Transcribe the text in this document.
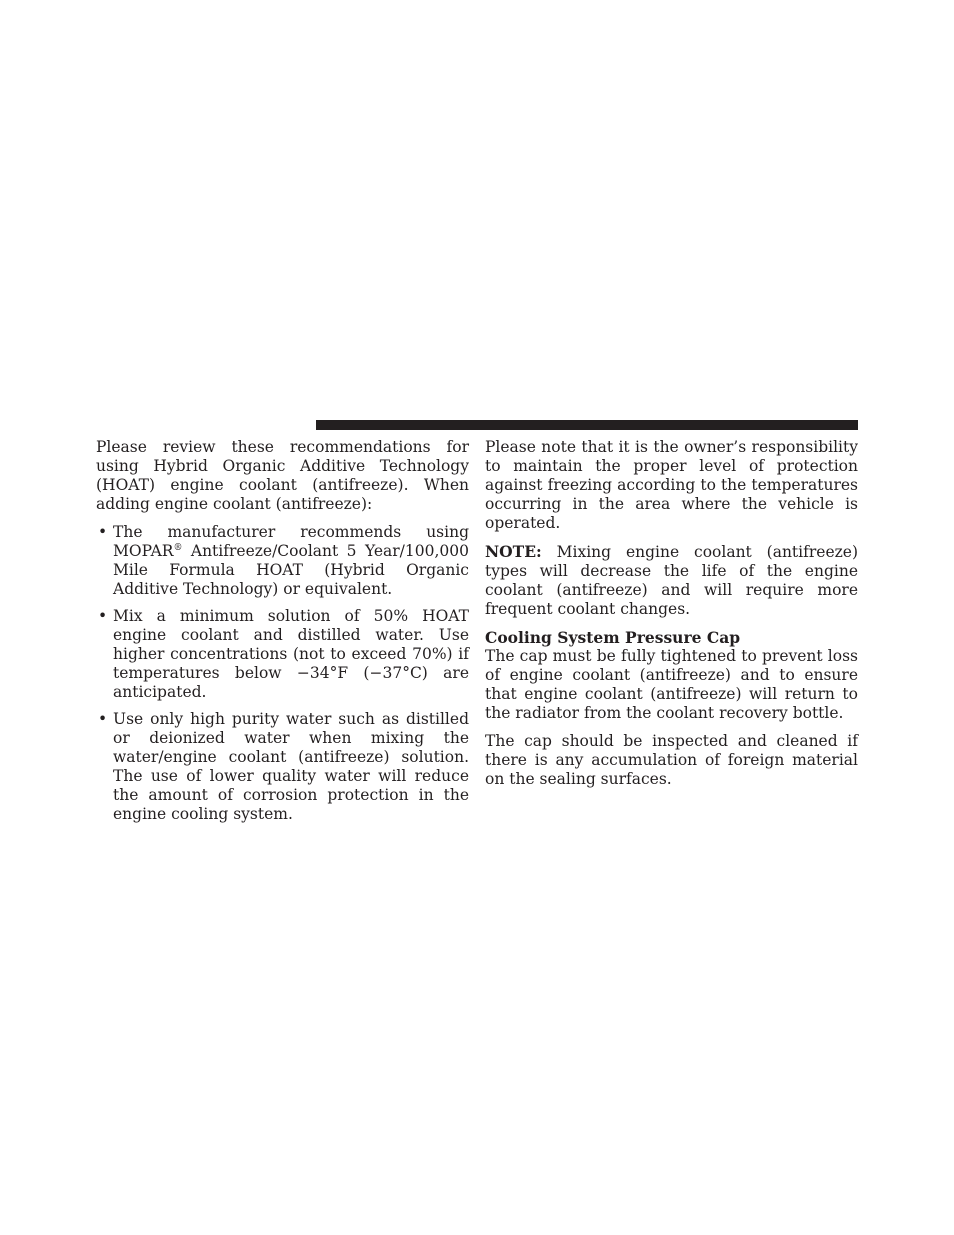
Please review these recommendations for using Hybrid Organic Additive Technology (HOAT) engine coolant (antifreeze). When adding engine coolant (antifreeze):

• The manufacturer recommends using MOPAR® Antifreeze/Coolant 5 Year/100,000 Mile Formula HOAT (Hybrid Organic Additive Technology) or equivalent.
• Mix a minimum solution of 50% HOAT engine coolant and distilled water. Use higher concentrations (not to exceed 70%) if temperatures below −34°F (−37°C) are anticipated.
• Use only high purity water such as distilled or deionized water when mixing the water/engine coolant (antifreeze) solution. The use of lower quality water will reduce the amount of corrosion protection in the engine cooling system.

Please note that it is the owner’s responsibility to maintain the proper level of protection against freezing according to the temperatures occurring in the area where the vehicle is operated.

NOTE: Mixing engine coolant (antifreeze) types will decrease the life of the engine coolant (antifreeze) and will require more frequent coolant changes.

Cooling System Pressure Cap

The cap must be fully tightened to prevent loss of engine coolant (antifreeze) and to ensure that engine coolant (antifreeze) will return to the radiator from the coolant recovery bottle.

The cap should be inspected and cleaned if there is any accumulation of foreign material on the sealing surfaces.
